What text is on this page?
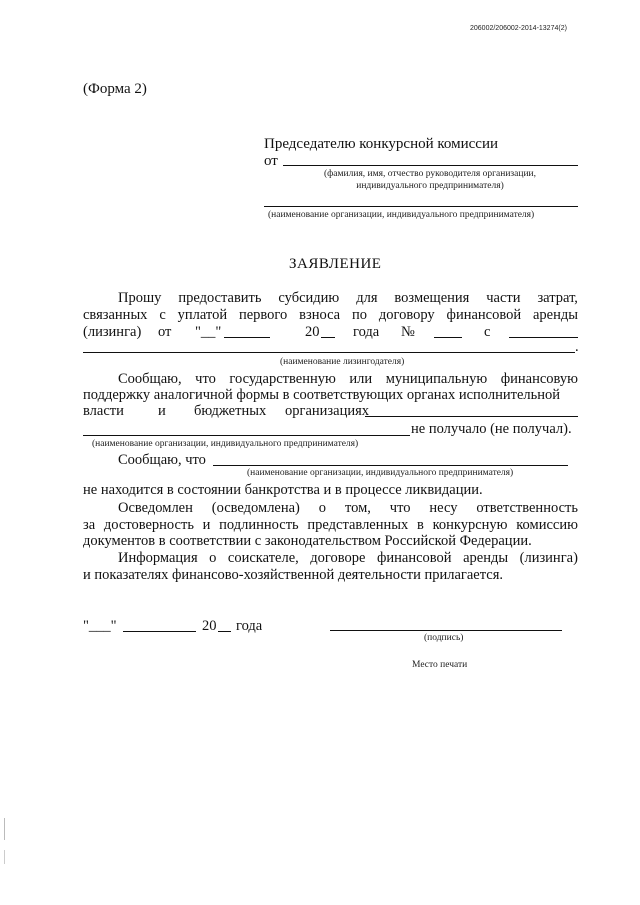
206002/206002-2014-13274(2)
(Форма 2)
Председателю конкурсной комиссии
от
(фамилия, имя, отчество руководителя организации,
индивидуального предпринимателя)
(наименование организации, индивидуального предпринимателя)
ЗАЯВЛЕНИЕ
Прошу предоставить субсидию для возмещения части затрат,
связанных с уплатой первого взноса по договору финансовой аренды
(лизинга) от "__"	20 года №	с
.
(наименование лизингодателя)
Сообщаю, что государственную или муниципальную финансовую
поддержку аналогичной формы в соответствующих органах исполнительной
власти и бюджетных организациях
не получало (не получал).
(наименование организации, индивидуального предпринимателя)
Сообщаю, что
(наименование организации, индивидуального предпринимателя)
не находится в состоянии банкротства и в процессе ликвидации.
Осведомлен (осведомлена) о том, что несу ответственность
за достоверность и подлинность представленных в конкурсную комиссию
документов в соответствии с законодательством Российской Федерации.
Информация о соискателе, договоре финансовой аренды (лизинга)
и показателях финансово-хозяйственной деятельности прилагается.
"___"	20 года
(подпись)
Место печати
